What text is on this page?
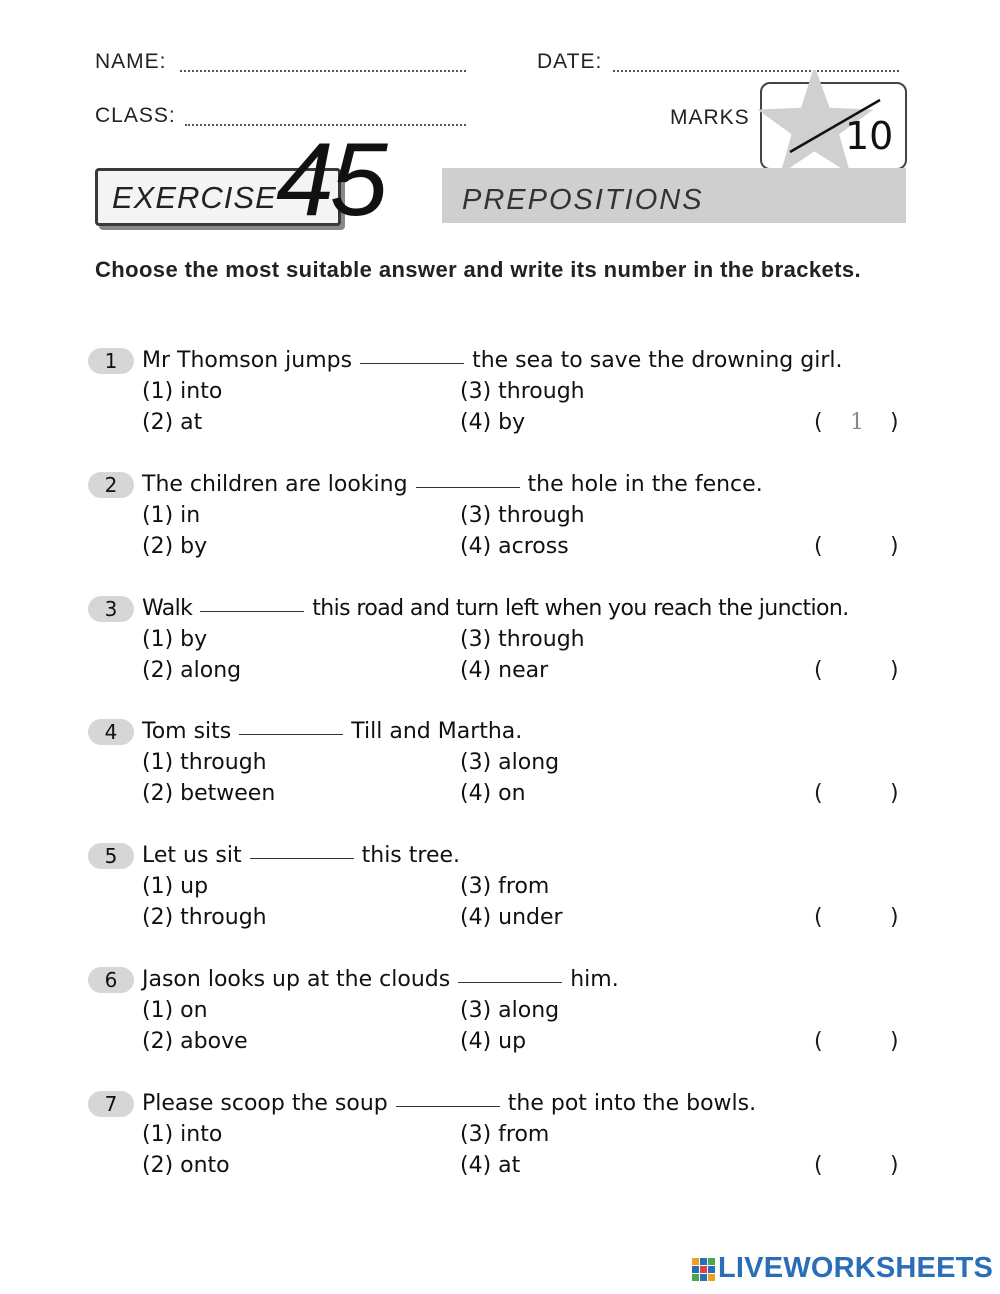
NAME:	DATE:
CLASS:	MARKS	10
EXERCISE 45	PREPOSITIONS
Choose the most suitable answer and write its number in the brackets.
1	Mr Thomson jumps	the sea to save the drowning girl.
(1) into	(3) through
(2) at	(4) by	( 1 )
2	The children are looking	the hole in the fence.
(1) in	(3) through
(2) by	(4) across	(	)
3	Walk	this road and turn left when you reach the junction.
(1) by	(3) through
(2) along	(4) near	(	)
4	Tom sits	Till and Martha.
(1) through	(3) along
(2) between	(4) on	(	)
5	Let us sit	this tree.
(1) up	(3) from
(2) through	(4) under	(	)
6	Jason looks up at the clouds	him.
(1) on	(3) along
(2) above	(4) up	(	)
7	Please scoop the soup	the pot into the bowls.
(1) into	(3) from
(2) onto	(4) at	(	)
LIVEWORKSHEETS
